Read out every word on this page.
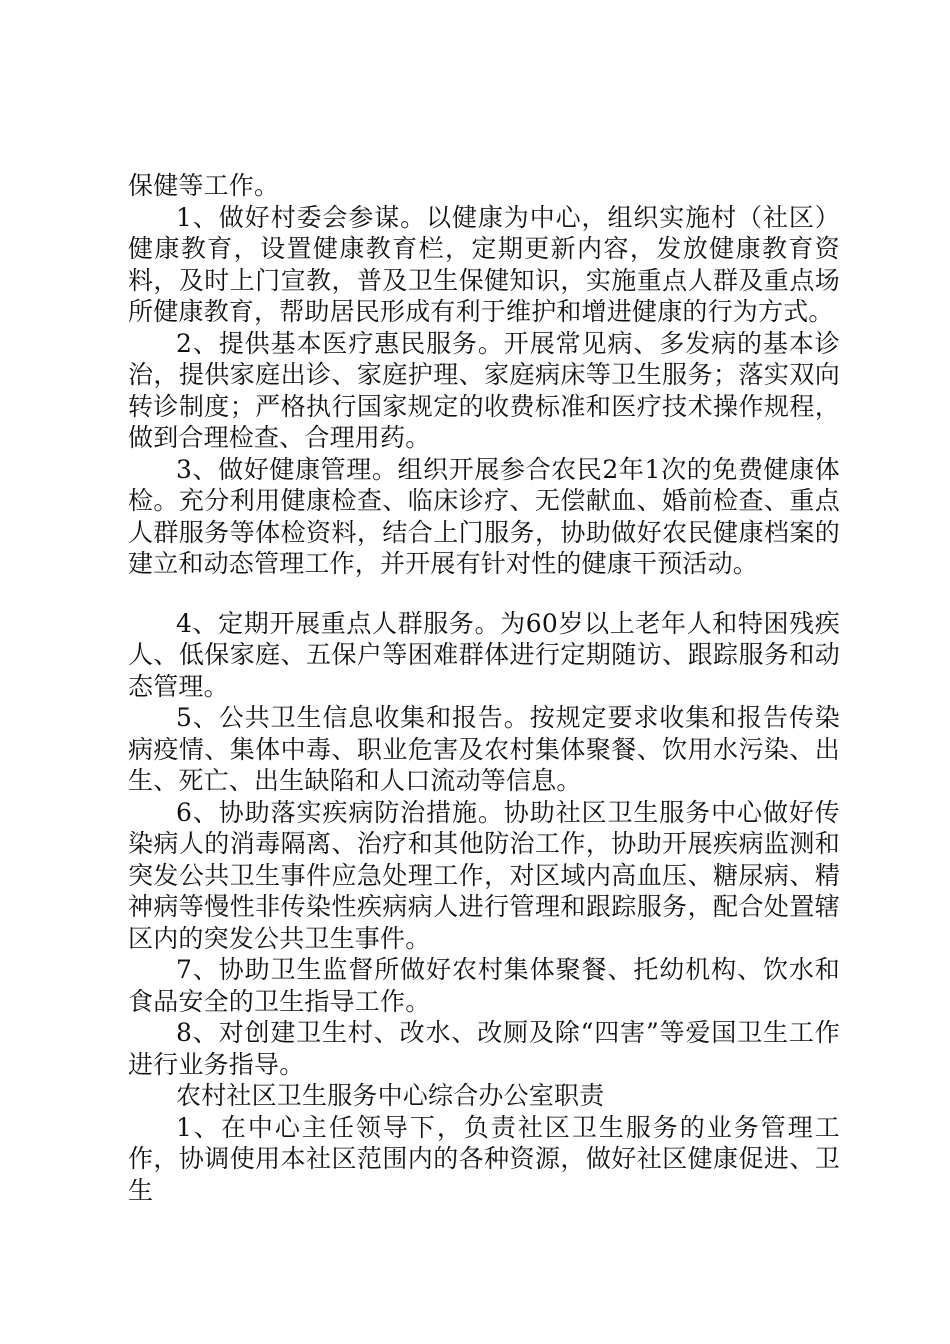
保健等工作。

1、做好村委会参谋。以健康为中心，组织实施村（社区）健康教育，设置健康教育栏，定期更新内容，发放健康教育资料，及时上门宣教，普及卫生保健知识，实施重点人群及重点场所健康教育，帮助居民形成有利于维护和增进健康的行为方式。

2、提供基本医疗惠民服务。开展常见病、多发病的基本诊治，提供家庭出诊、家庭护理、家庭病床等卫生服务；落实双向转诊制度；严格执行国家规定的收费标准和医疗技术操作规程，做到合理检查、合理用药。

3、做好健康管理。组织开展参合农民2年1次的免费健康体检。充分利用健康检查、临床诊疗、无偿献血、婚前检查、重点人群服务等体检资料，结合上门服务，协助做好农民健康档案的建立和动态管理工作，并开展有针对性的健康干预活动。

4、定期开展重点人群服务。为60岁以上老年人和特困残疾人、低保家庭、五保户等困难群体进行定期随访、跟踪服务和动态管理。

5、公共卫生信息收集和报告。按规定要求收集和报告传染病疫情、集体中毒、职业危害及农村集体聚餐、饮用水污染、出生、死亡、出生缺陷和人口流动等信息。

6、协助落实疾病防治措施。协助社区卫生服务中心做好传染病人的消毒隔离、治疗和其他防治工作，协助开展疾病监测和突发公共卫生事件应急处理工作，对区域内高血压、糖尿病、精神病等慢性非传染性疾病病人进行管理和跟踪服务，配合处置辖区内的突发公共卫生事件。

7、协助卫生监督所做好农村集体聚餐、托幼机构、饮水和食品安全的卫生指导工作。

8、对创建卫生村、改水、改厕及除“四害”等爱国卫生工作进行业务指导。

农村社区卫生服务中心综合办公室职责

1、在中心主任领导下，负责社区卫生服务的业务管理工作，协调使用本社区范围内的各种资源，做好社区健康促进、卫生
